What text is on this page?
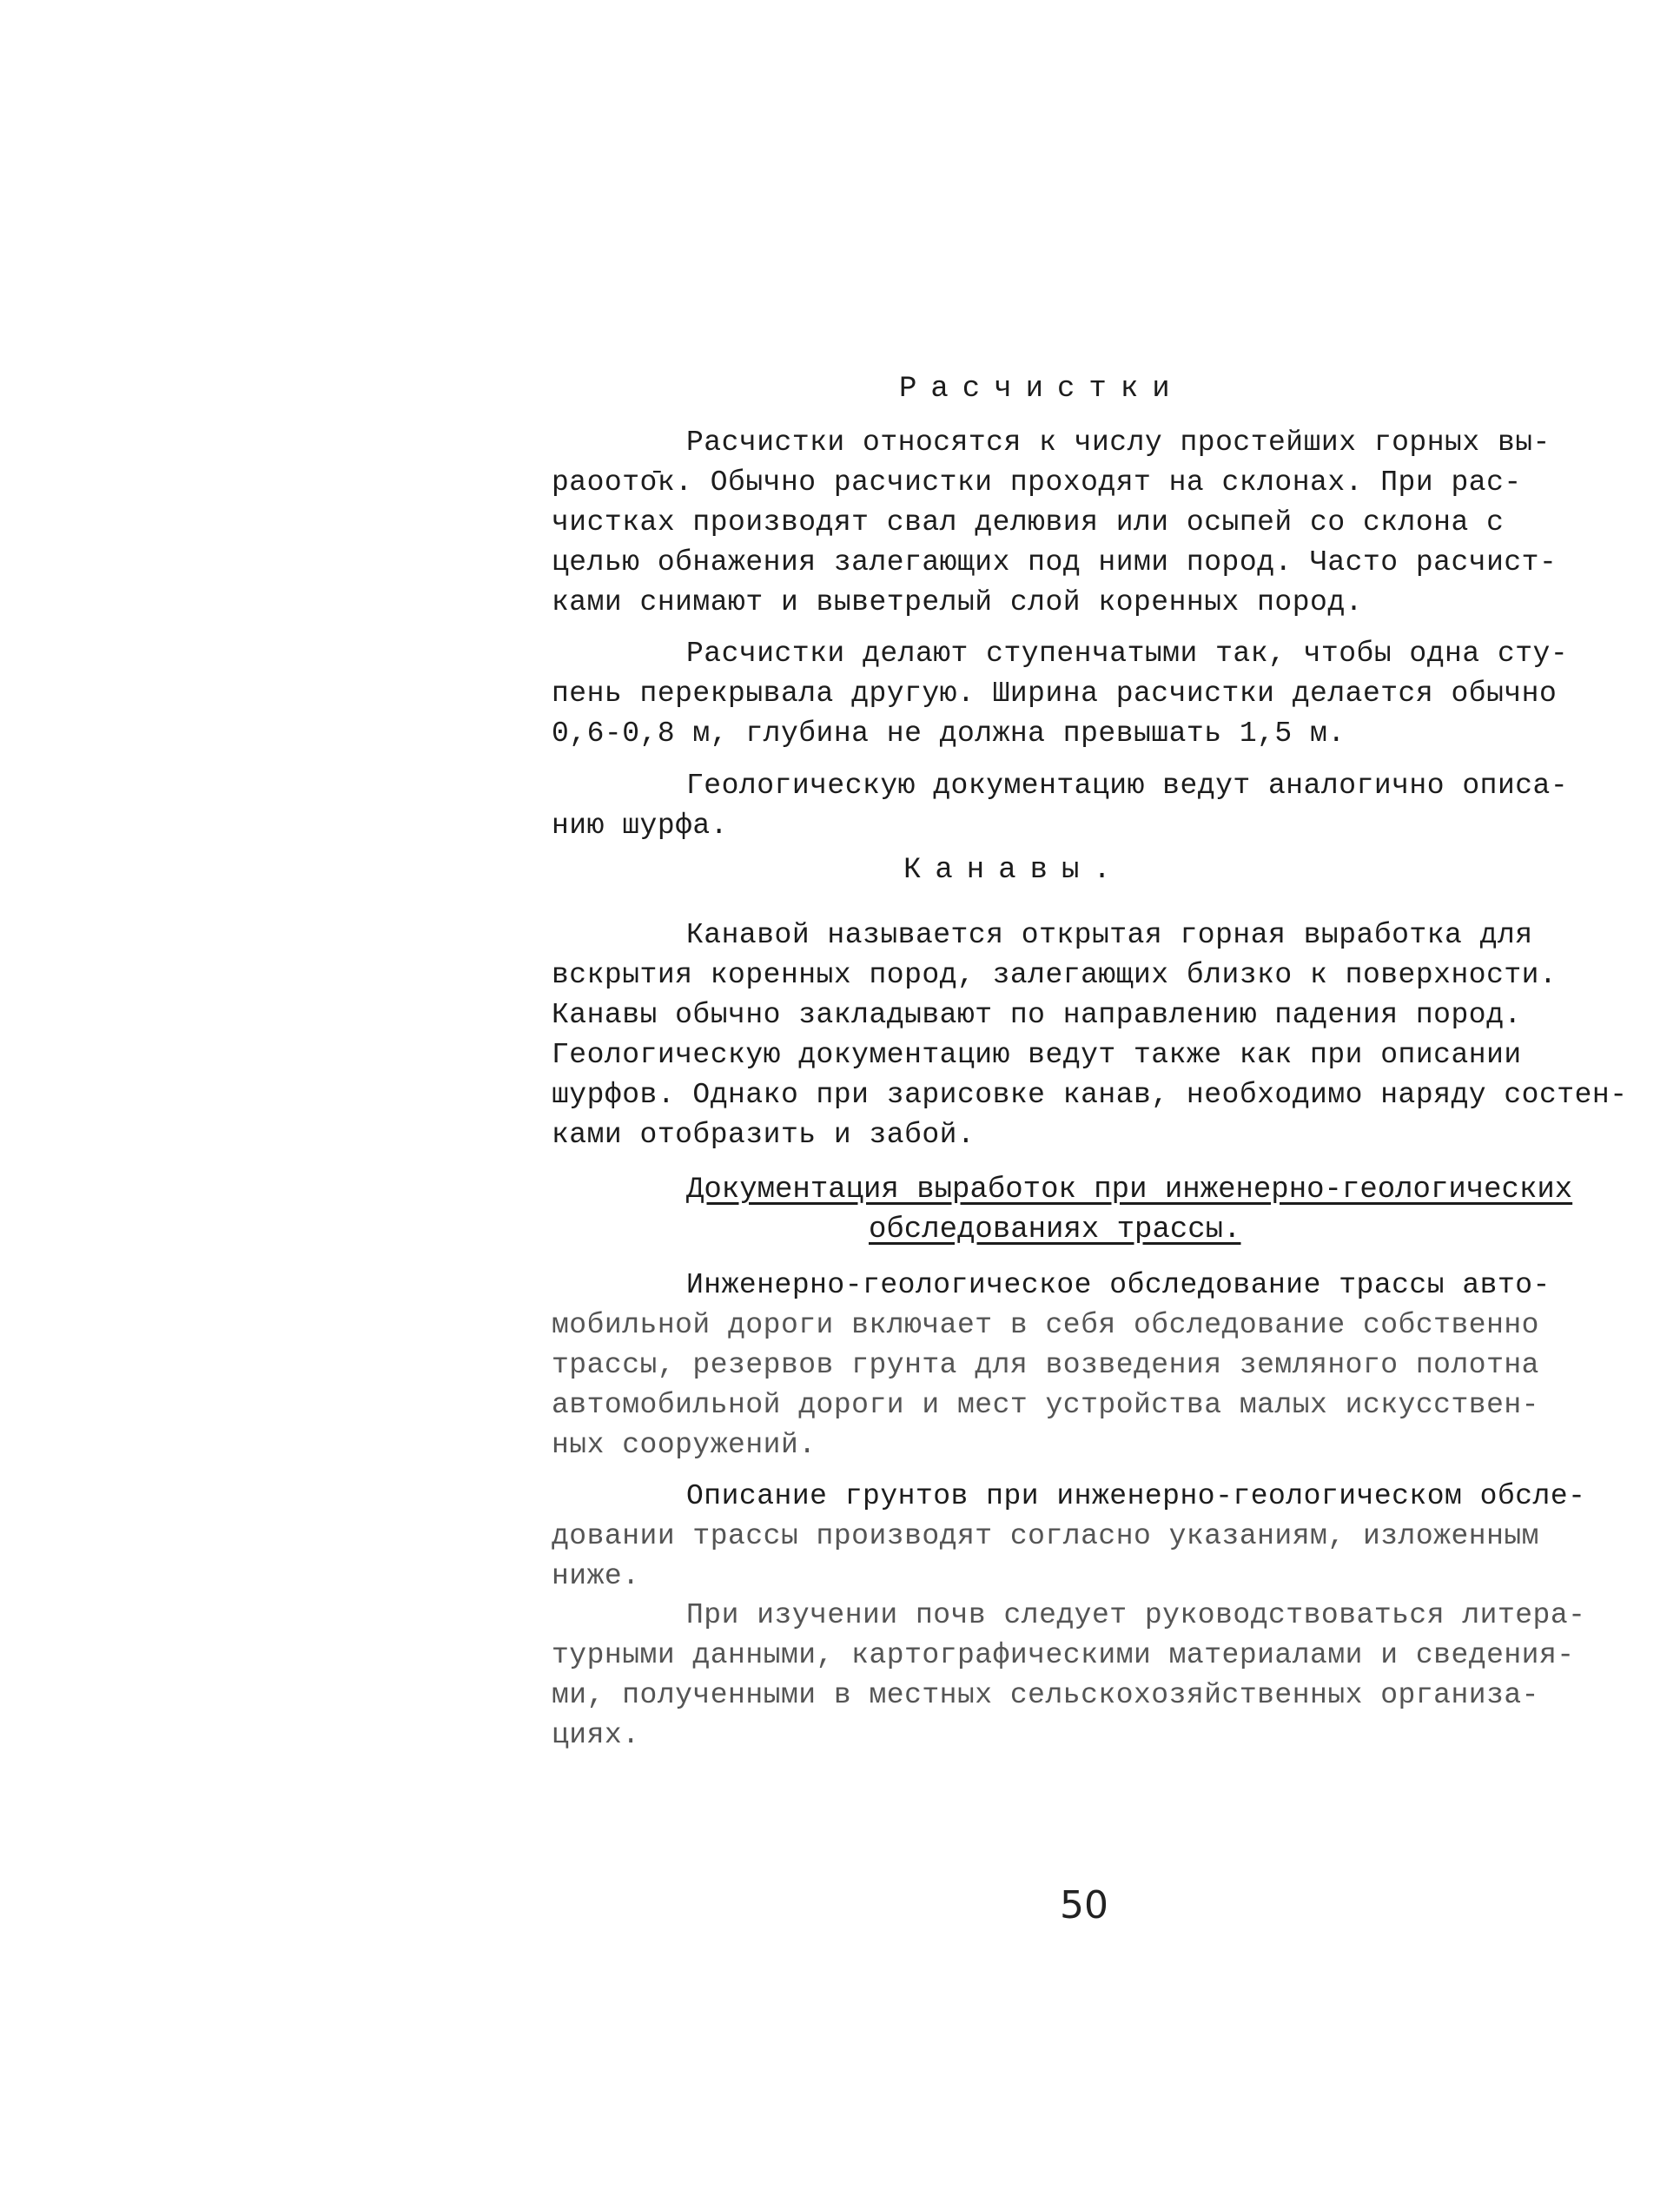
Расчистки
Расчистки относятся к числу простейших горных вы-
раоото̄к. Обычно расчистки проходят на склонах. При рас-
чистках производят свал делювия или осыпей со склона с
целью обнажения залегающих под ними пород. Часто расчист-
ками снимают и выветрелый слой коренных пород.
Расчистки делают ступенчатыми так, чтобы одна сту-
пень перекрывала другую. Ширина расчистки делается обычно
0,6-0,8 м, глубина не должна превышать 1,5 м.
Геологическую документацию ведут аналогично описа-
нию шурфа.
Канавы.
Канавой называется открытая горная выработка для
вскрытия коренных пород, залегающих близко к поверхности.
Канавы обычно закладывают по направлению падения пород.
Геологическую документацию ведут также как при описании
шурфов. Однако при зарисовке канав, необходимо наряду состен-
ками отобразить и забой.
Документация выработок при инженерно-геологических
обследованиях трассы.
Инженерно-геологическое обследование трассы авто-
мобильной дороги включает в себя обследование собственно
трассы, резервов грунта для возведения земляного полотна
автомобильной дороги и мест устройства малых искусствен-
ных сооружений.
Описание грунтов при инженерно-геологическом обсле-
довании трассы производят согласно указаниям, изложенным
ниже.
При изучении почв следует руководствоваться литера-
турными данными, картографическими материалами и сведения-
ми, полученными в местных сельскохозяйственных организа-
циях.
50
